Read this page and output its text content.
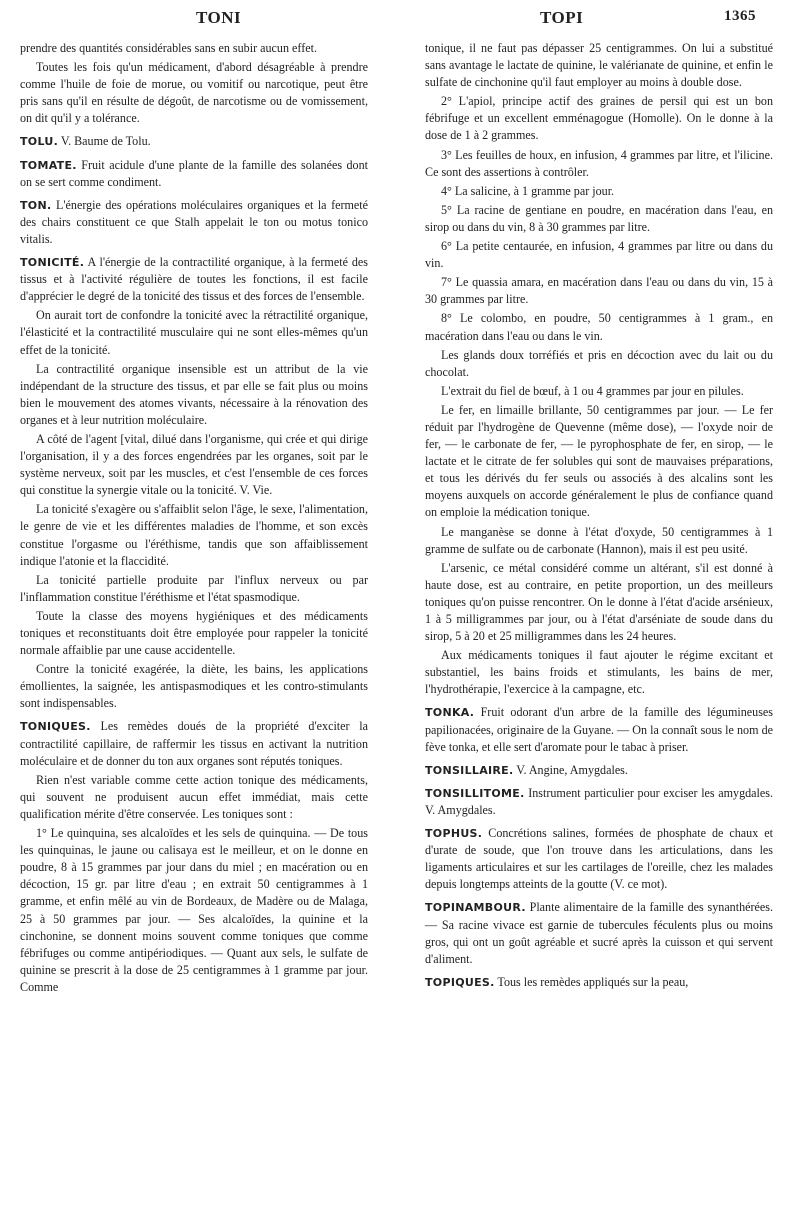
TONI	TOPI	1365

prendre des quantités considérables sans en subir aucun effet.

Toutes les fois qu'un médicament, d'abord désagréable à prendre comme l'huile de foie de morue, ou vomitif ou narcotique, peut être pris sans qu'il en résulte de dégoût, de narcotisme ou de vomissement, on dit qu'il y a tolérance.

TOLU. V. Baume de Tolu.

TOMATE. Fruit acidule d'une plante de la famille des solanées dont on se sert comme condiment.

TON. L'énergie des opérations moléculaires organiques et la fermeté des chairs constituent ce que Stalh appelait le ton ou motus tonico vitalis.

TONICITÉ. A l'énergie de la contractilité organique, à la fermeté des tissus et à l'activité régulière de toutes les fonctions, il est facile d'apprécier le degré de la tonicité des tissus et des forces de l'ensemble.

On aurait tort de confondre la tonicité avec la rétractilité organique, l'élasticité et la contractilité musculaire qui ne sont elles-mêmes qu'un effet de la tonicité.

La contractilité organique insensible est un attribut de la vie indépendant de la structure des tissus, et par elle se fait plus ou moins bien le mouvement des atomes vivants, nécessaire à la rénovation des organes et à leur nutrition moléculaire.

A côté de l'agent [vital, dilué dans l'organisme, qui crée et qui dirige l'organisation, il y a des forces engendrées par les organes, soit par le système nerveux, soit par les muscles, et c'est l'ensemble de ces forces qui constitue la synergie vitale ou la tonicité. V. Vie.

La tonicité s'exagère ou s'affaiblit selon l'âge, le sexe, l'alimentation, le genre de vie et les différentes maladies de l'homme, et son excès constitue l'orgasme ou l'éréthisme, tandis que son affaiblissement indique l'atonie et la flaccidité.

La tonicité partielle produite par l'influx nerveux ou par l'inflammation constitue l'éréthisme et l'état spasmodique.

Toute la classe des moyens hygiéniques et des médicaments toniques et reconstituants doit être employée pour rappeler la tonicité normale affaiblie par une cause accidentelle.

Contre la tonicité exagérée, la diète, les bains, les applications émollientes, la saignée, les antispasmodiques et les contro-stimulants sont indispensables.

TONIQUES. Les remèdes doués de la propriété d'exciter la contractilité capillaire, de raffermir les tissus en activant la nutrition moléculaire et de donner du ton aux organes sont réputés toniques.

Rien n'est variable comme cette action tonique des médicaments, qui souvent ne produisent aucun effet immédiat, mais cette qualification mérite d'être conservée. Les toniques sont :

1° Le quinquina, ses alcaloïdes et les sels de quinquina. — De tous les quinquinas, le jaune ou calisaya est le meilleur, et on le donne en poudre, 8 à 15 grammes par jour dans du miel ; en macération ou en décoction, 15 gr. par litre d'eau ; en extrait 50 centigrammes à 1 gramme, et enfin mêlé au vin de Bordeaux, de Madère ou de Malaga, 25 à 50 grammes par jour. — Ses alcaloïdes, la quinine et la cinchonine, se donnent moins souvent comme toniques que comme fébrifuges ou comme antipériodiques. — Quant aux sels, le sulfate de quinine se prescrit à la dose de 25 centigrammes à 1 gramme par jour. Comme

tonique, il ne faut pas dépasser 25 centigrammes. On lui a substitué sans avantage le lactate de quinine, le valérianate de quinine, et enfin le sulfate de cinchonine qu'il faut employer au moins à double dose.

2° L'apiol, principe actif des graines de persil qui est un bon fébrifuge et un excellent emménagogue (Homolle). On le donne à la dose de 1 à 2 grammes.

3° Les feuilles de houx, en infusion, 4 grammes par litre, et l'ilicine. Ce sont des assertions à contrôler.

4° La salicine, à 1 gramme par jour.

5° La racine de gentiane en poudre, en macération dans l'eau, en sirop ou dans du vin, 8 à 30 grammes par litre.

6° La petite centaurée, en infusion, 4 grammes par litre ou dans du vin.

7° Le quassia amara, en macération dans l'eau ou dans du vin, 15 à 30 grammes par litre.

8° Le colombo, en poudre, 50 centigrammes à 1 gram., en macération dans l'eau ou dans le vin.

Les glands doux torréfiés et pris en décoction avec du lait ou du chocolat.

L'extrait du fiel de bœuf, à 1 ou 4 grammes par jour en pilules.

Le fer, en limaille brillante, 50 centigrammes par jour. — Le fer réduit par l'hydrogène de Quevenne (même dose), — l'oxyde noir de fer, — le carbonate de fer, — le pyrophosphate de fer, en sirop, — le lactate et le citrate de fer solubles qui sont de mauvaises préparations, et tous les dérivés du fer seuls ou associés à des alcalins sont les moyens auxquels on accorde généralement le plus de confiance quand on emploie la médication tonique.

Le manganèse se donne à l'état d'oxyde, 50 centigrammes à 1 gramme de sulfate ou de carbonate (Hannon), mais il est peu usité.

L'arsenic, ce métal considéré comme un altérant, s'il est donné à haute dose, est au contraire, en petite proportion, un des meilleurs toniques qu'on puisse rencontrer. On le donne à l'état d'acide arsénieux, 1 à 5 milligrammes par jour, ou à l'état d'arséniate de soude dans du sirop, 5 à 20 et 25 milligrammes dans les 24 heures.

Aux médicaments toniques il faut ajouter le régime excitant et substantiel, les bains froids et stimulants, les bains de mer, l'hydrothérapie, l'exercice à la campagne, etc.

TONKA. Fruit odorant d'un arbre de la famille des légumineuses papilionacées, originaire de la Guyane. — On la connaît sous le nom de fève tonka, et elle sert d'aromate pour le tabac à priser.

TONSILLAIRE. V. Angine, Amygdales.

TONSILLITOME. Instrument particulier pour exciser les amygdales. V. Amygdales.

TOPHUS. Concrétions salines, formées de phosphate de chaux et d'urate de soude, que l'on trouve dans les articulations, dans les ligaments articulaires et sur les cartilages de l'oreille, chez les malades depuis longtemps atteints de la goutte (V. ce mot).

TOPINAMBOUR. Plante alimentaire de la famille des synanthérées. — Sa racine vivace est garnie de tubercules féculents plus ou moins gros, qui ont un goût agréable et sucré après la cuisson et qui servent d'aliment.

TOPIQUES. Tous les remèdes appliqués sur la peau,
